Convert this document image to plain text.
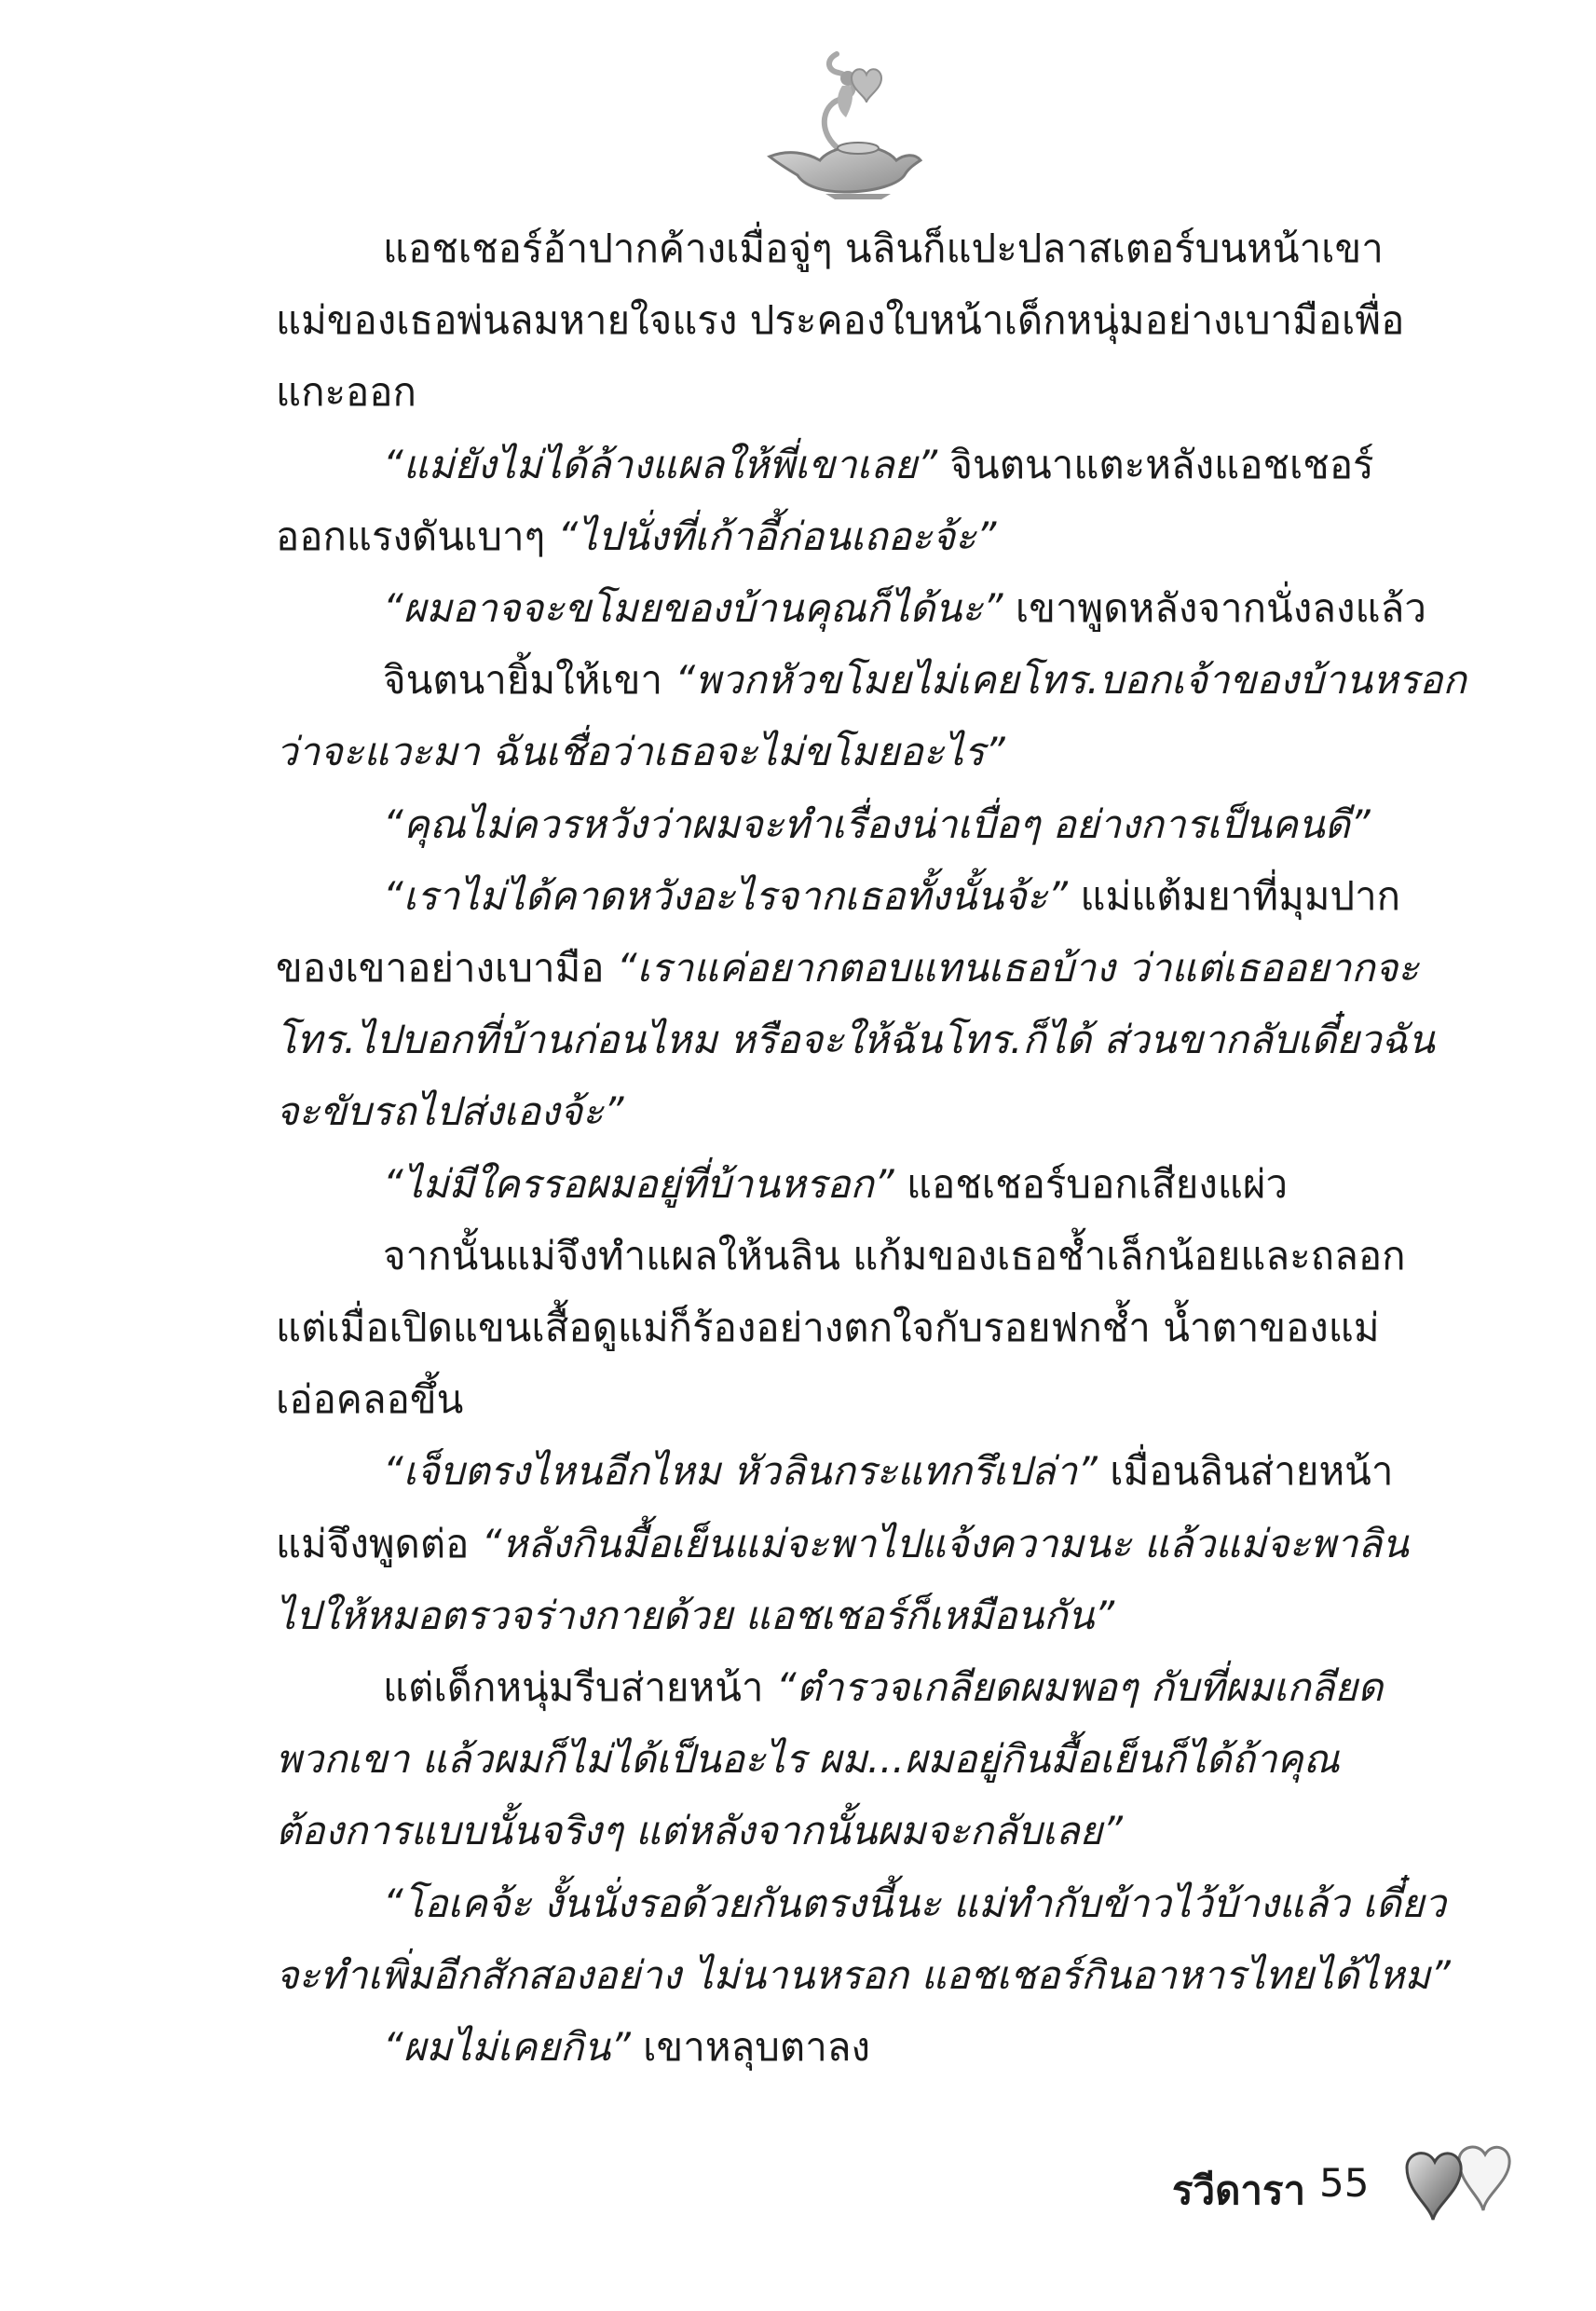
แอชเชอร์อ้าปากค้างเมื่อจู่ๆ นลินก็แปะปลาสเตอร์บนหน้าเขา
แม่ของเธอพ่นลมหายใจแรง ประคองใบหน้าเด็กหนุ่มอย่างเบามือเพื่อ
แกะออก
“แม่ยังไม่ได้ล้างแผลให้พี่เขาเลย” จินตนาแตะหลังแอชเชอร์
ออกแรงดันเบาๆ “ไปนั่งที่เก้าอี้ก่อนเถอะจ้ะ”
“ผมอาจจะขโมยของบ้านคุณก็ได้นะ” เขาพูดหลังจากนั่งลงแล้ว
จินตนายิ้มให้เขา “พวกหัวขโมยไม่เคยโทร.บอกเจ้าของบ้านหรอก
ว่าจะแวะมา ฉันเชื่อว่าเธอจะไม่ขโมยอะไร”
“คุณไม่ควรหวังว่าผมจะทำเรื่องน่าเบื่อๆ อย่างการเป็นคนดี”
“เราไม่ได้คาดหวังอะไรจากเธอทั้งนั้นจ้ะ” แม่แต้มยาที่มุมปาก
ของเขาอย่างเบามือ “เราแค่อยากตอบแทนเธอบ้าง ว่าแต่เธออยากจะ
โทร.ไปบอกที่บ้านก่อนไหม หรือจะให้ฉันโทร.ก็ได้ ส่วนขากลับเดี๋ยวฉัน
จะขับรถไปส่งเองจ้ะ”
“ไม่มีใครรอผมอยู่ที่บ้านหรอก” แอชเชอร์บอกเสียงแผ่ว
จากนั้นแม่จึงทำแผลให้นลิน แก้มของเธอช้ำเล็กน้อยและถลอก
แต่เมื่อเปิดแขนเสื้อดูแม่ก็ร้องอย่างตกใจกับรอยฟกช้ำ น้ำตาของแม่
เอ่อคลอขึ้น
“เจ็บตรงไหนอีกไหม หัวลินกระแทกรึเปล่า” เมื่อนลินส่ายหน้า
แม่จึงพูดต่อ “หลังกินมื้อเย็นแม่จะพาไปแจ้งความนะ แล้วแม่จะพาลิน
ไปให้หมอตรวจร่างกายด้วย แอชเชอร์ก็เหมือนกัน”
แต่เด็กหนุ่มรีบส่ายหน้า “ตำรวจเกลียดผมพอๆ กับที่ผมเกลียด
พวกเขา แล้วผมก็ไม่ได้เป็นอะไร ผม...ผมอยู่กินมื้อเย็นก็ได้ถ้าคุณ
ต้องการแบบนั้นจริงๆ แต่หลังจากนั้นผมจะกลับเลย”
“โอเคจ้ะ งั้นนั่งรอด้วยกันตรงนี้นะ แม่ทำกับข้าวไว้บ้างแล้ว เดี๋ยว
จะทำเพิ่มอีกสักสองอย่าง ไม่นานหรอก แอชเชอร์กินอาหารไทยได้ไหม”
“ผมไม่เคยกิน” เขาหลุบตาลง
รวีดารา 55
